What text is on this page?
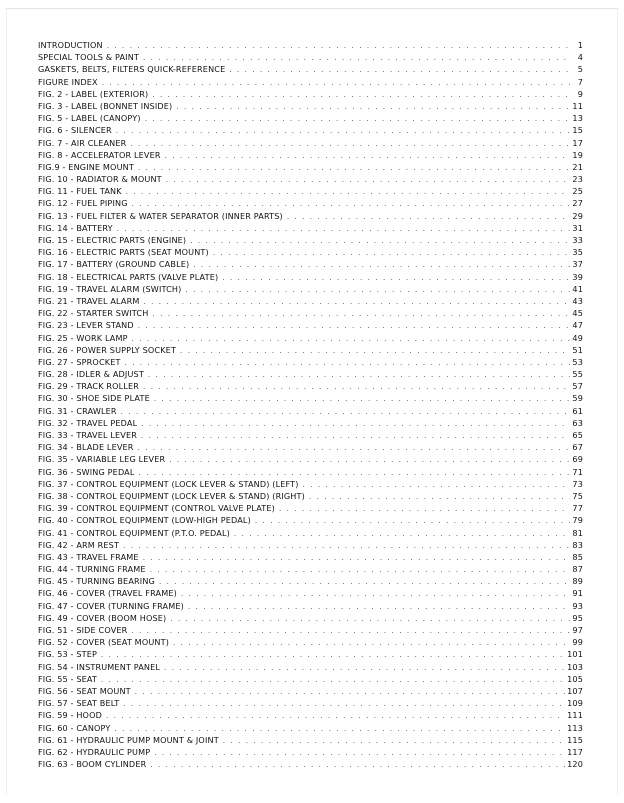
INTRODUCTION . . .	1
SPECIAL TOOLS & PAINT . . .	4
GASKETS, BELTS, FILTERS QUICK-REFERENCE . . .	5
FIGURE INDEX . . .	7
FIG. 2 - LABEL (EXTERIOR) . . .	9
FIG. 3 - LABEL (BONNET INSIDE) . . .	11
FIG. 5 - LABEL (CANOPY) . . .	13
FIG. 6 - SILENCER . . .	15
FIG. 7 - AIR CLEANER . . .	17
FIG. 8 - ACCELERATOR LEVER . . .	19
FIG.9 - ENGINE MOUNT . . .	21
FIG. 10 - RADIATOR & MOUNT . . .	23
FIG. 11 - FUEL TANK . . .	25
FIG. 12 - FUEL PIPING . . .	27
FIG. 13 - FUEL FILTER & WATER SEPARATOR (INNER PARTS) . . .	29
FIG. 14 - BATTERY . . .	31
FIG. 15 - ELECTRIC PARTS (ENGINE) . . .	33
FIG. 16 - ELECTRIC PARTS (SEAT MOUNT) . . .	35
FIG. 17 - BATTERY (GROUND CABLE) . . .	37
FIG. 18 - ELECTRICAL PARTS (VALVE PLATE) . . .	39
FIG. 19 - TRAVEL ALARM (SWITCH) . . .	41
FIG. 21 - TRAVEL ALARM . . .	43
FIG. 22 - STARTER SWITCH . . .	45
FIG. 23 - LEVER STAND . . .	47
FIG. 25 - WORK LAMP . . .	49
FIG. 26 - POWER SUPPLY SOCKET . . .	51
FIG. 27 - SPROCKET . . .	53
FIG. 28 - IDLER & ADJUST . . .	55
FIG. 29 - TRACK ROLLER . . .	57
FIG. 30 - SHOE SIDE PLATE . . .	59
FIG. 31 - CRAWLER . . .	61
FIG. 32 - TRAVEL PEDAL . . .	63
FIG. 33 - TRAVEL LEVER . . .	65
FIG. 34 - BLADE LEVER . . .	67
FIG. 35 - VARIABLE LEG LEVER . . .	69
FIG. 36 - SWING PEDAL . . .	71
FIG. 37 - CONTROL EQUIPMENT (LOCK LEVER & STAND) (LEFT) . . .	73
FIG. 38 - CONTROL EQUIPMENT (LOCK LEVER & STAND) (RIGHT) . . .	75
FIG. 39 - CONTROL EQUIPMENT (CONTROL VALVE PLATE) . . .	77
FIG. 40 - CONTROL EQUIPMENT (LOW-HIGH PEDAL) . . .	79
FIG. 41 - CONTROL EQUIPMENT (P.T.O. PEDAL) . . .	81
FIG. 42 - ARM REST . . .	83
FIG. 43 - TRAVEL FRAME . . .	85
FIG. 44 - TURNING FRAME . . .	87
FIG. 45 - TURNING BEARING . . .	89
FIG. 46 - COVER (TRAVEL FRAME) . . .	91
FIG. 47 - COVER (TURNING FRAME) . . .	93
FIG. 49 - COVER (BOOM HOSE) . . .	95
FIG. 51 - SIDE COVER . . .	97
FIG. 52 - COVER (SEAT MOUNT) . . .	99
FIG. 53 - STEP . . .	101
FIG. 54 - INSTRUMENT PANEL . . .	103
FIG. 55 - SEAT . . .	105
FIG. 56 - SEAT MOUNT . . .	107
FIG. 57 - SEAT BELT . . .	109
FIG. 59 - HOOD . . .	111
FIG. 60 - CANOPY . . .	113
FIG. 61 - HYDRAULIC PUMP MOUNT & JOINT . . .	115
FIG. 62 - HYDRAULIC PUMP . . .	117
FIG. 63 - BOOM CYLINDER . . .	120
